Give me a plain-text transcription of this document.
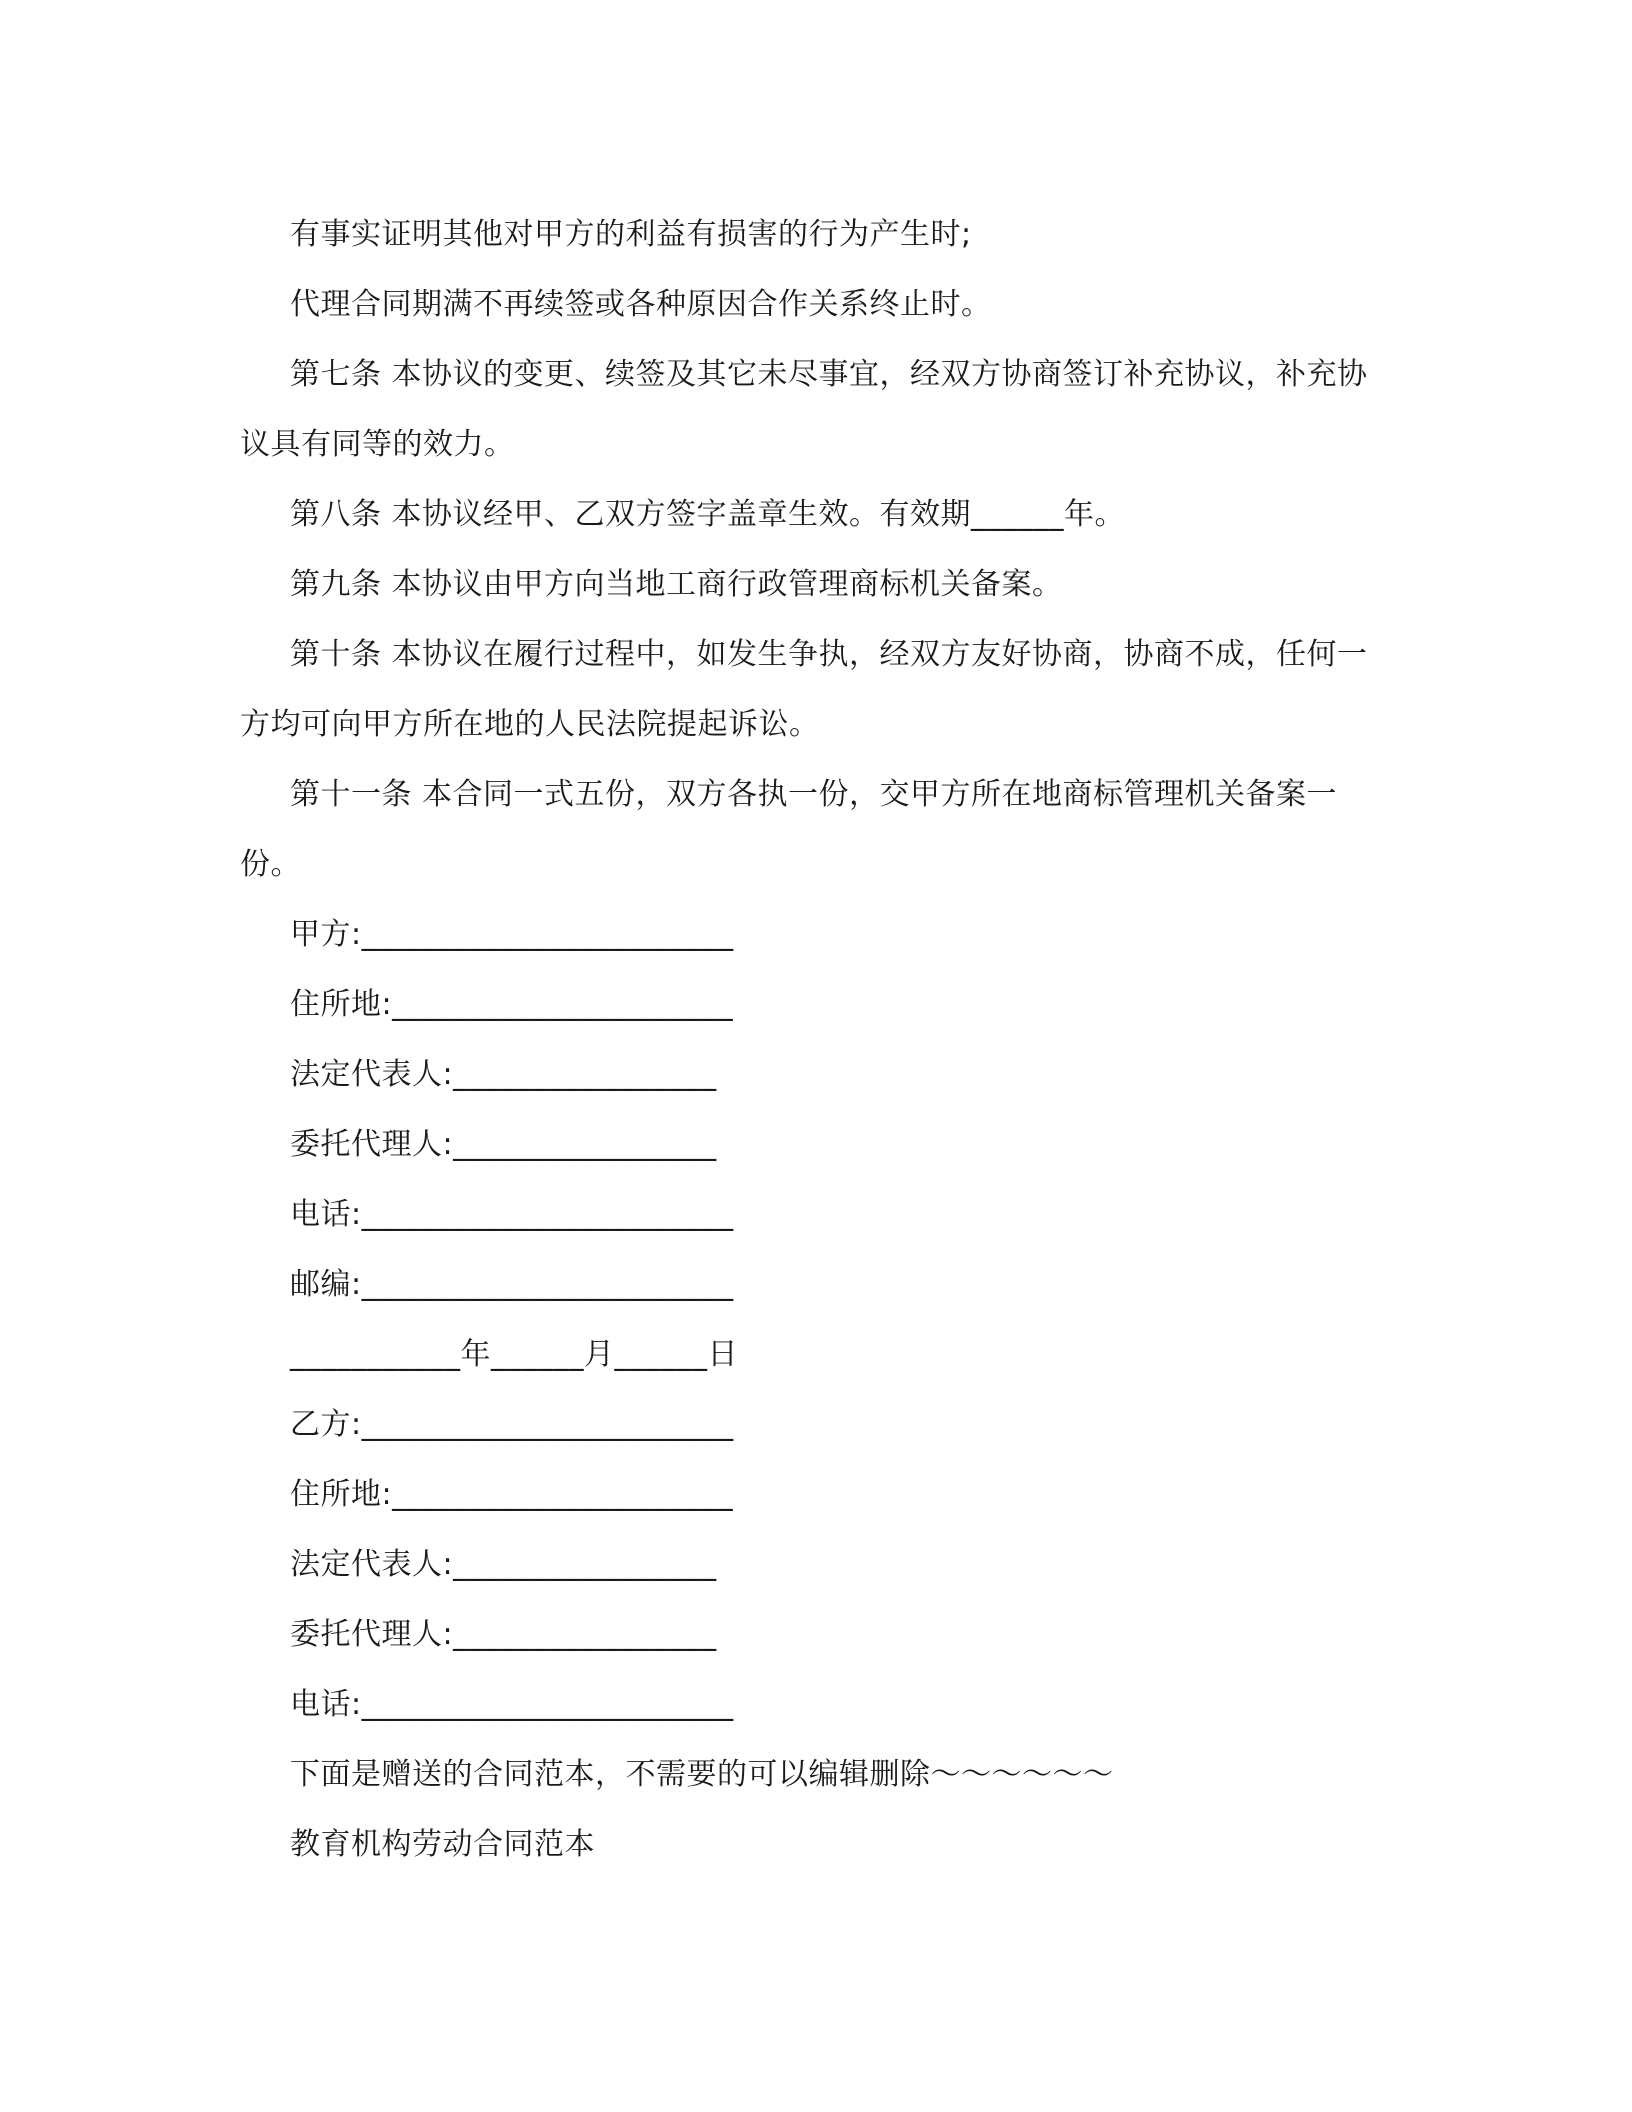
有事实证明其他对甲方的利益有损害的行为产生时;

代理合同期满不再续签或各种原因合作关系终止时。

第七条 本协议的变更、续签及其它未尽事宜，经双方协商签订补充协议，补充协议具有同等的效力。

第八条 本协议经甲、乙双方签字盖章生效。有效期______年。

第九条 本协议由甲方向当地工商行政管理商标机关备案。

第十条 本协议在履行过程中，如发生争执，经双方友好协商，协商不成，任何一方均可向甲方所在地的人民法院提起诉讼。

第十一条 本合同一式五份，双方各执一份，交甲方所在地商标管理机关备案一份。

甲方:________________________

住所地:______________________

法定代表人:_________________

委托代理人:_________________

电话:________________________

邮编:________________________

___________年______月______日

乙方:________________________

住所地:______________________

法定代表人:_________________

委托代理人:_________________

电话:________________________

下面是赠送的合同范本，不需要的可以编辑删除～～～～～～

教育机构劳动合同范本
